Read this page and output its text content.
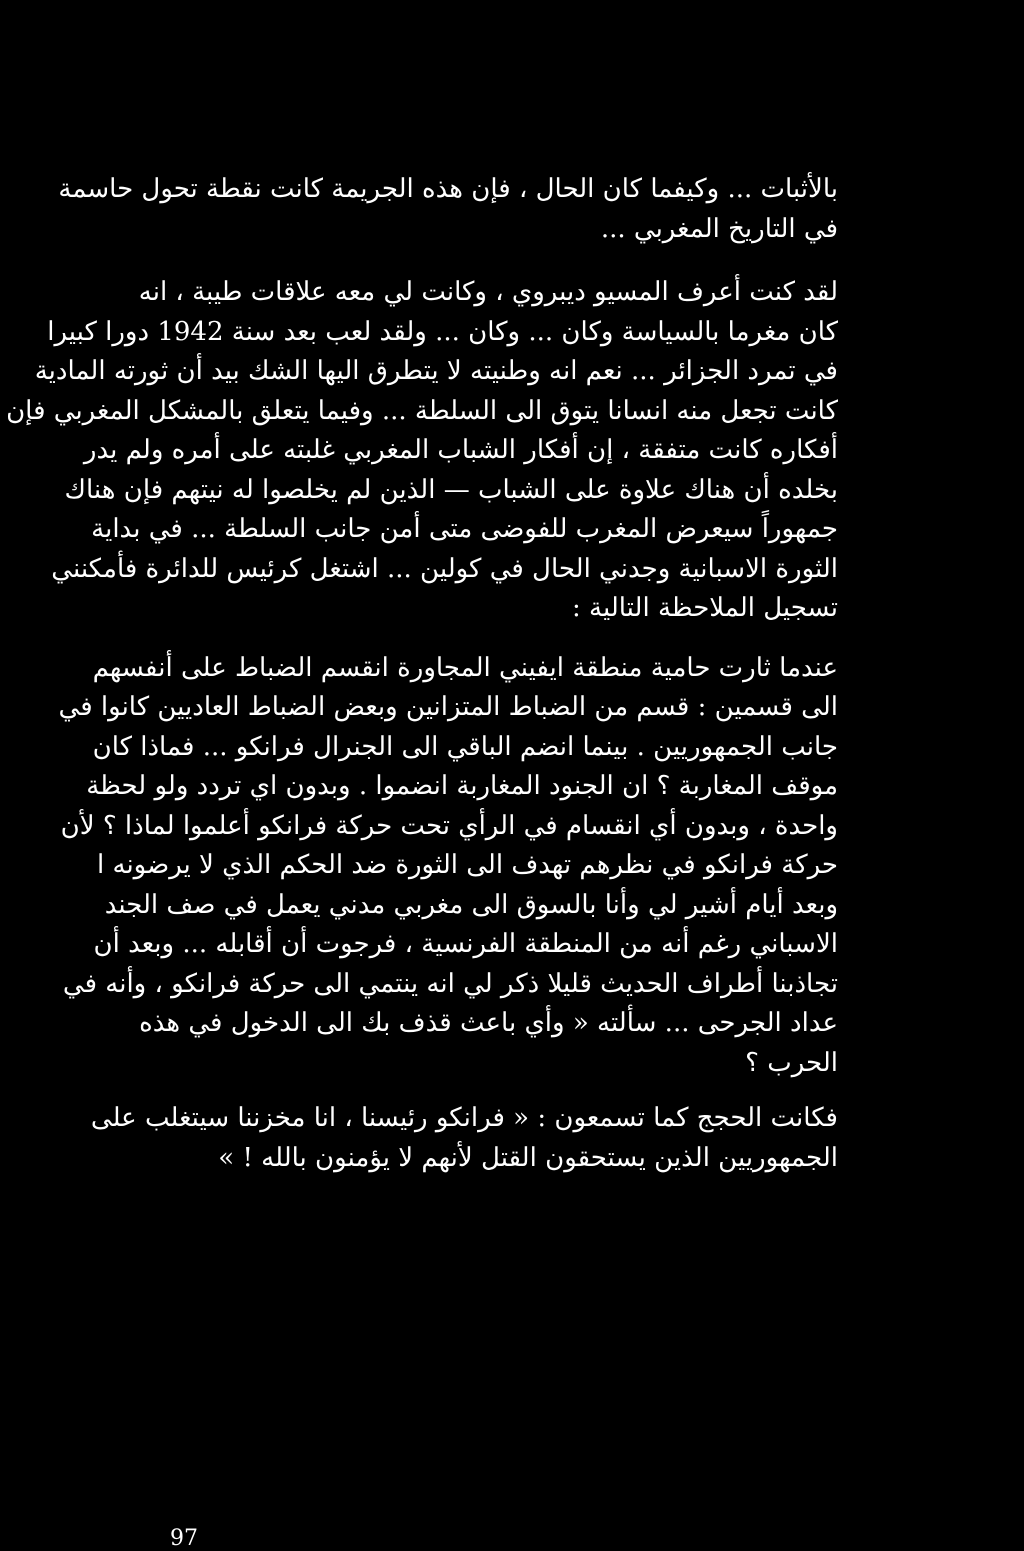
بالأثبات ... وكيفما كان الحال ، فإن هذه الجريمة كانت نقطة تحول حاسمة
في التاريخ المغربي ...
لقد كنت أعرف المسيو ديبروي ، وكانت لي معه علاقات طيبة ، انه
كان مغرما بالسياسة وكان ... وكان ... ولقد لعب بعد سنة 1942 دورا كبيرا
في تمرد الجزائر ... نعم انه وطنيته لا يتطرق اليها الشك بيد أن ثورته المادية
كانت تجعل منه انسانا يتوق الى السلطة ... وفيما يتعلق بالمشكل المغربي فإن
أفكاره كانت متفقة ، إن أفكار الشباب المغربي غلبته على أمره ولم يدر
بخلده أن هناك علاوة على الشباب — الذين لم يخلصوا له نيتهم فإن هناك
جمهوراً سيعرض المغرب للفوضى متى أمن جانب السلطة ... في بداية
الثورة الاسبانية وجدني الحال في كولين ... اشتغل كرئيس للدائرة فأمكنني
تسجيل الملاحظة التالية :
عندما ثارت حامية منطقة ايفيني المجاورة انقسم الضباط على أنفسهم
الى قسمين : قسم من الضباط المتزانين وبعض الضباط العاديين كانوا في
جانب الجمهوريين . بينما انضم الباقي الى الجنرال فرانكو ... فماذا كان
موقف المغاربة ؟ ان الجنود المغاربة انضموا . وبدون اي تردد ولو لحظة
واحدة ، وبدون أي انقسام في الرأي تحت حركة فرانكو أعلموا لماذا ؟ لأن
حركة فرانكو في نظرهم تهدف الى الثورة ضد الحكم الذي لا يرضونه ا
وبعد أيام أشير لي وأنا بالسوق الى مغربي مدني يعمل في صف الجند
الاسباني رغم أنه من المنطقة الفرنسية ، فرجوت أن أقابله ... وبعد أن
تجاذبنا أطراف الحديث قليلا ذكر لي انه ينتمي الى حركة فرانكو ، وأنه في
عداد الجرحى ... سألته « وأي باعث قذف بك الى الدخول في هذه
الحرب ؟
فكانت الحجج كما تسمعون : « فرانكو رئيسنا ، انا مخزننا سيتغلب على
الجمهوريين الذين يستحقون القتل لأنهم لا يؤمنون بالله ! »
97
